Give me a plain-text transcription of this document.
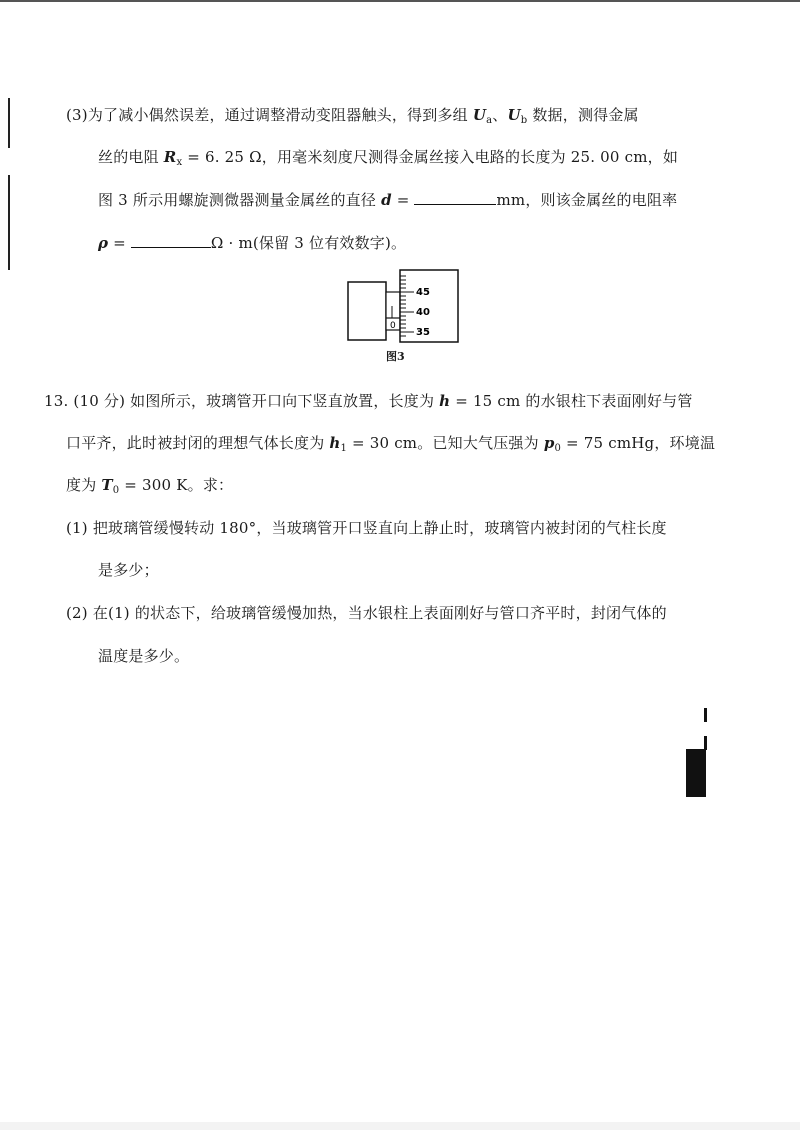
(3)为了减小偶然误差，通过调整滑动变阻器触头，得到多组 $U_a$、$U_b$ 数据，测得金属
丝的电阻 $R_x = 6$. 25 Ω，用毫米刻度尺测得金属丝接入电路的长度为 25. 00 cm，如
图 3 所示用螺旋测微器测量金属丝的直径 d =	mm，则该金属丝的电阻率
ρ =	Ω · m(保留 3 位有效数字)。
0
45
40
35
图3
13. (10 分) 如图所示，玻璃管开口向下竖直放置，长度为 h = 15 cm 的水银柱下表面刚好与管
口平齐，此时被封闭的理想气体长度为 $h_1 = 30$ cm。已知大气压强为 $p_0 = 75$ cmHg，环境温
度为 $T_0 = 300$ K。求：
(1) 把玻璃管缓慢转动 180°，当玻璃管开口竖直向上静止时，玻璃管内被封闭的气柱长度
是多少；
(2) 在(1) 的状态下，给玻璃管缓慢加热，当水银柱上表面刚好与管口齐平时，封闭气体的
温度是多少。
